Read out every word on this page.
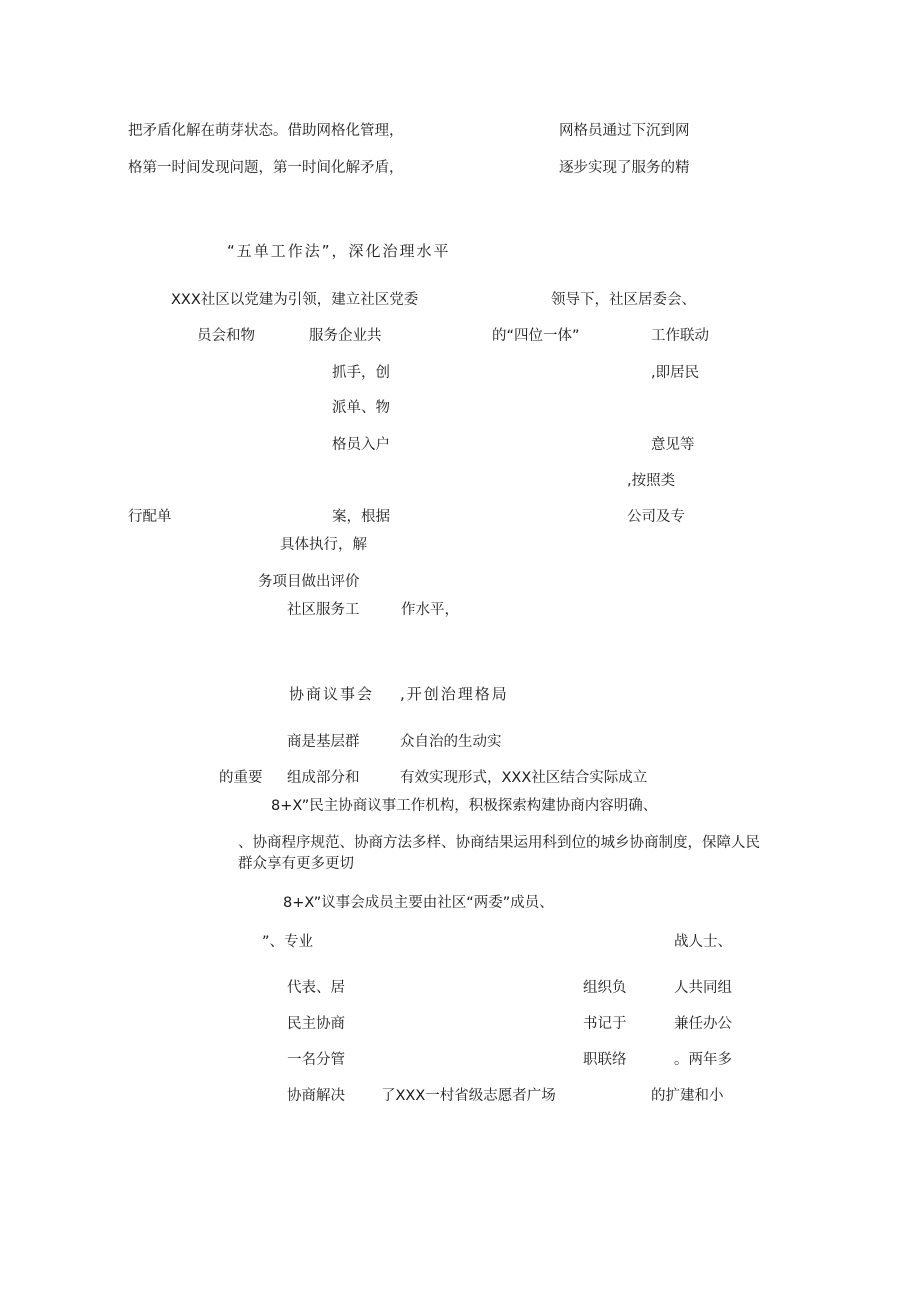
把矛盾化解在萌芽状态。借助网格化管理，	网格员通过下沉到网
格第一时间发现问题，第一时间化解矛盾，	逐步实现了服务的精
“五单工作法”，深化治理水平
XXX社区以党建为引领，建立社区党委	领导下，社区居委会、
员会和物	服务企业共	的“四位一体”	工作联动
抓手，创	,即居民
派单、物
格员入户	意见等
,按照类
行配单	案，根据	公司及专
具体执行，解
务项目做出评价
社区服务工	作水平，
协商议事会 ,开创治理格局
商是基层群	众自治的生动实
的重要 组成部分和	有效实现形式，XXX社区结合实际成立
8+X”民主协商议事工作机构，积极探索构建协商内容明确、
、协商程序规范、协商方法多样、协商结果运用科到位的城乡协商制度，保障人民
群众享有更多更切
8+X”议事会成员主要由社区“两委”成员、
”、专业	战人士、
代表、居	组织负	人共同组
民主协商	书记于	兼任办公
一名分管	职联络	。两年多
协商解决 了XXX一村省级志愿者广场	的扩建和小
